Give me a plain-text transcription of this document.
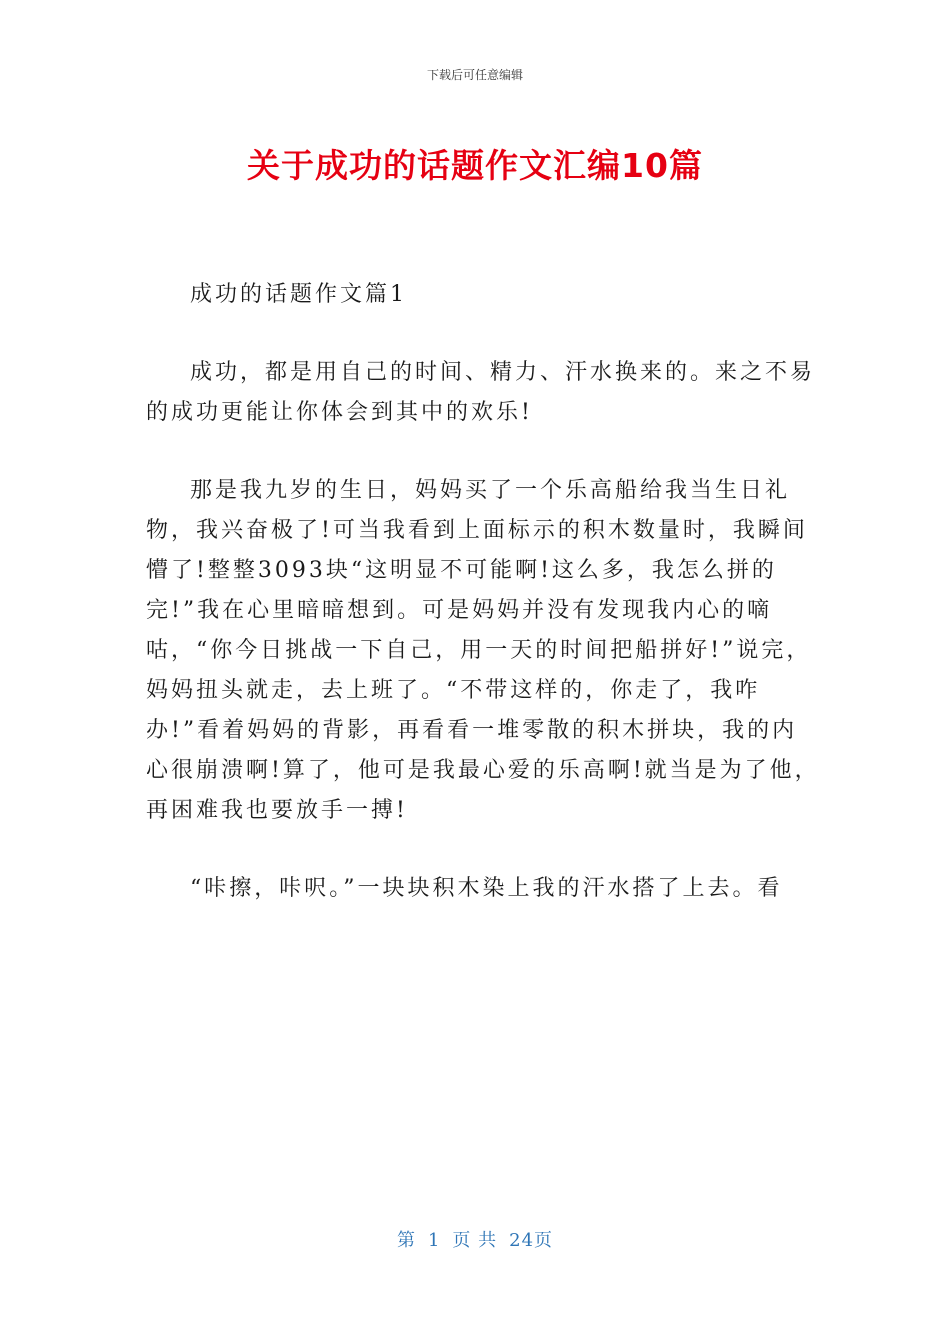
下载后可任意编辑
关于成功的话题作文汇编10篇

成功的话题作文篇1

成功，都是用自己的时间、精力、汗水换来的。来之不易的成功更能让你体会到其中的欢乐!

那是我九岁的生日，妈妈买了一个乐高船给我当生日礼物，我兴奋极了!可当我看到上面标示的积木数量时，我瞬间懵了!整整3093块“这明显不可能啊!这么多，我怎么拼的完!”我在心里暗暗想到。可是妈妈并没有发现我内心的嘀咕，“你今日挑战一下自己，用一天的时间把船拼好!”说完，妈妈扭头就走，去上班了。“不带这样的，你走了，我咋办!”看着妈妈的背影，再看看一堆零散的积木拼块，我的内心很崩溃啊!算了，他可是我最心爱的乐高啊!就当是为了他，再困难我也要放手一搏!

“咔擦，咔呎。”一块块积木染上我的汗水搭了上去。看

第 1 页 共 24页
